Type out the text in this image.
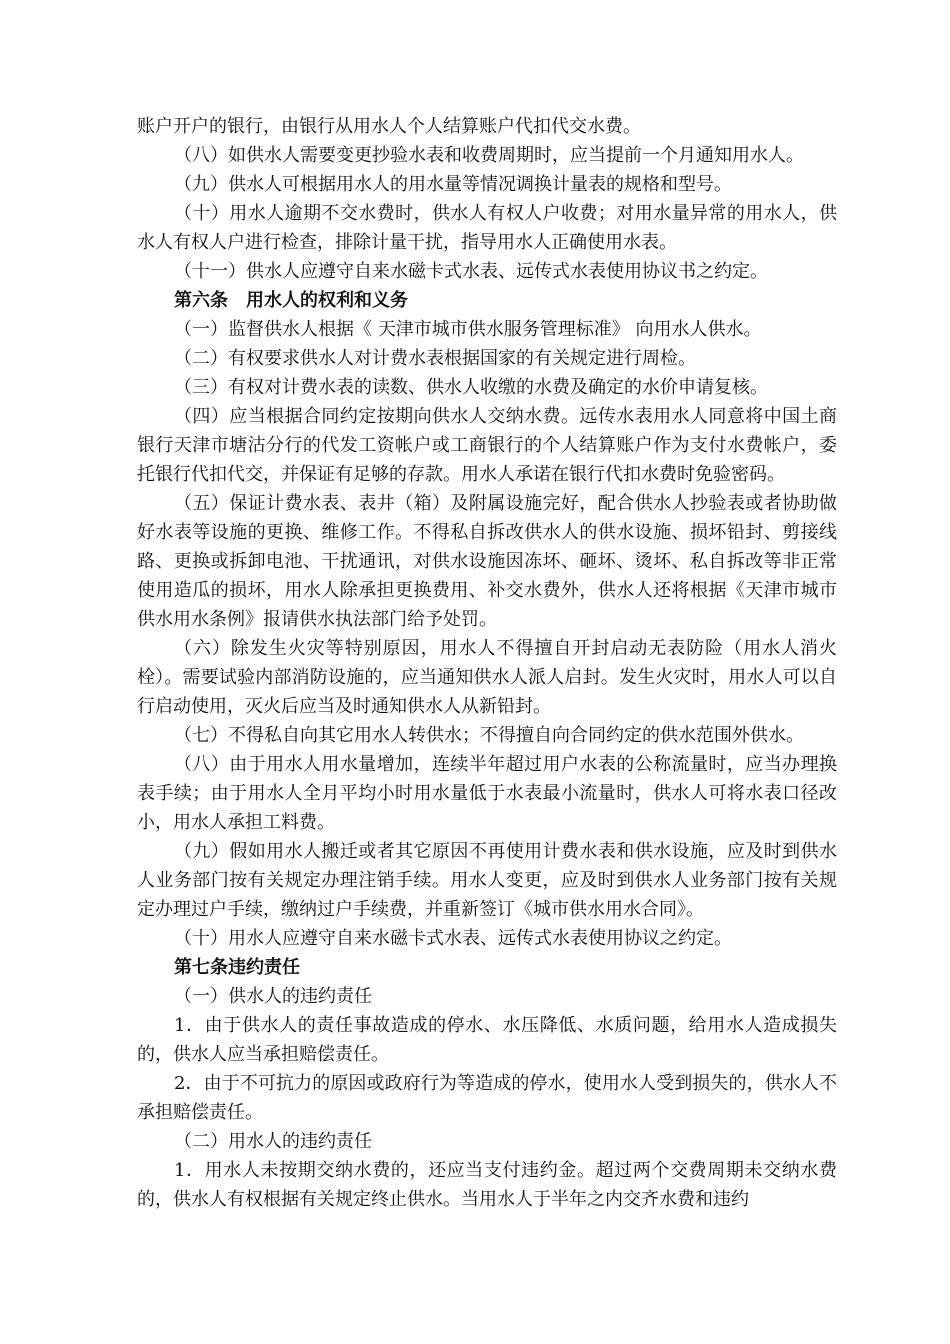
账户开户的银行，由银行从用水人个人结算账户代扣代交水费。

（八）如供水人需要变更抄验水表和收费周期时，应当提前一个月通知用水人。

（九）供水人可根据用水人的用水量等情况调换计量表的规格和型号。

（十）用水人逾期不交水费时，供水人有权人户收费；对用水量异常的用水人，供水人有权人户进行检查，排除计量干扰，指导用水人正确使用水表。

（十一）供水人应遵守自来水磁卡式水表、远传式水表使用协议书之约定。

第六条　用水人的权利和义务

（一）监督供水人根据《 天津市城市供水服务管理标准》 向用水人供水。

（二）有权要求供水人对计费水表根据国家的有关规定进行周检。

（三）有权对计费水表的读数、供水人收缴的水费及确定的水价申请复核。

（四）应当根据合同约定按期向供水人交纳水费。远传水表用水人同意将中国土商银行天津市塘沽分行的代发工资帐户或工商银行的个人结算账户作为支付水费帐户，委托银行代扣代交，并保证有足够的存款。用水人承诺在银行代扣水费时免验密码。

（五）保证计费水表、表井（箱）及附属设施完好，配合供水人抄验表或者协助做好水表等设施的更换、维修工作。不得私自拆改供水人的供水设施、损坏铅封、剪接线路、更换或拆卸电池、干扰通讯，对供水设施因冻坏、砸坏、烫坏、私自拆改等非正常使用造瓜的损坏，用水人除承担更换费用、补交水费外，供水人还将根据《天津市城市供水用水条例》报请供水执法部门给予处罚。

（六）除发生火灾等特别原因，用水人不得擅自开封启动无表防险（用水人消火栓）。需要试验内部消防设施的，应当通知供水人派人启封。发生火灾时，用水人可以自行启动使用，灭火后应当及时通知供水人从新铅封。

（七）不得私自向其它用水人转供水；不得擅自向合同约定的供水范围外供水。

（八）由于用水人用水量增加，连续半年超过用户水表的公称流量时，应当办理换表手续；由于用水人全月平均小时用水量低于水表最小流量时，供水人可将水表口径改小，用水人承担工料费。

（九）假如用水人搬迁或者其它原因不再使用计费水表和供水设施，应及时到供水人业务部门按有关规定办理注销手续。用水人变更，应及时到供水人业务部门按有关规定办理过户手续，缴纳过户手续费，并重新签订《城市供水用水合同》。

（十）用水人应遵守自来水磁卡式水表、远传式水表使用协议之约定。

第七条违约责任

（一）供水人的违约责任

1．由于供水人的责任事故造成的停水、水压降低、水质问题，给用水人造成损失的，供水人应当承担赔偿责任。

2．由于不可抗力的原因或政府行为等造成的停水，使用水人受到损失的，供水人不承担赔偿责任。

（二）用水人的违约责任

1．用水人未按期交纳水费的，还应当支付违约金。超过两个交费周期未交纳水费的，供水人有权根据有关规定终止供水。当用水人于半年之内交齐水费和违约
